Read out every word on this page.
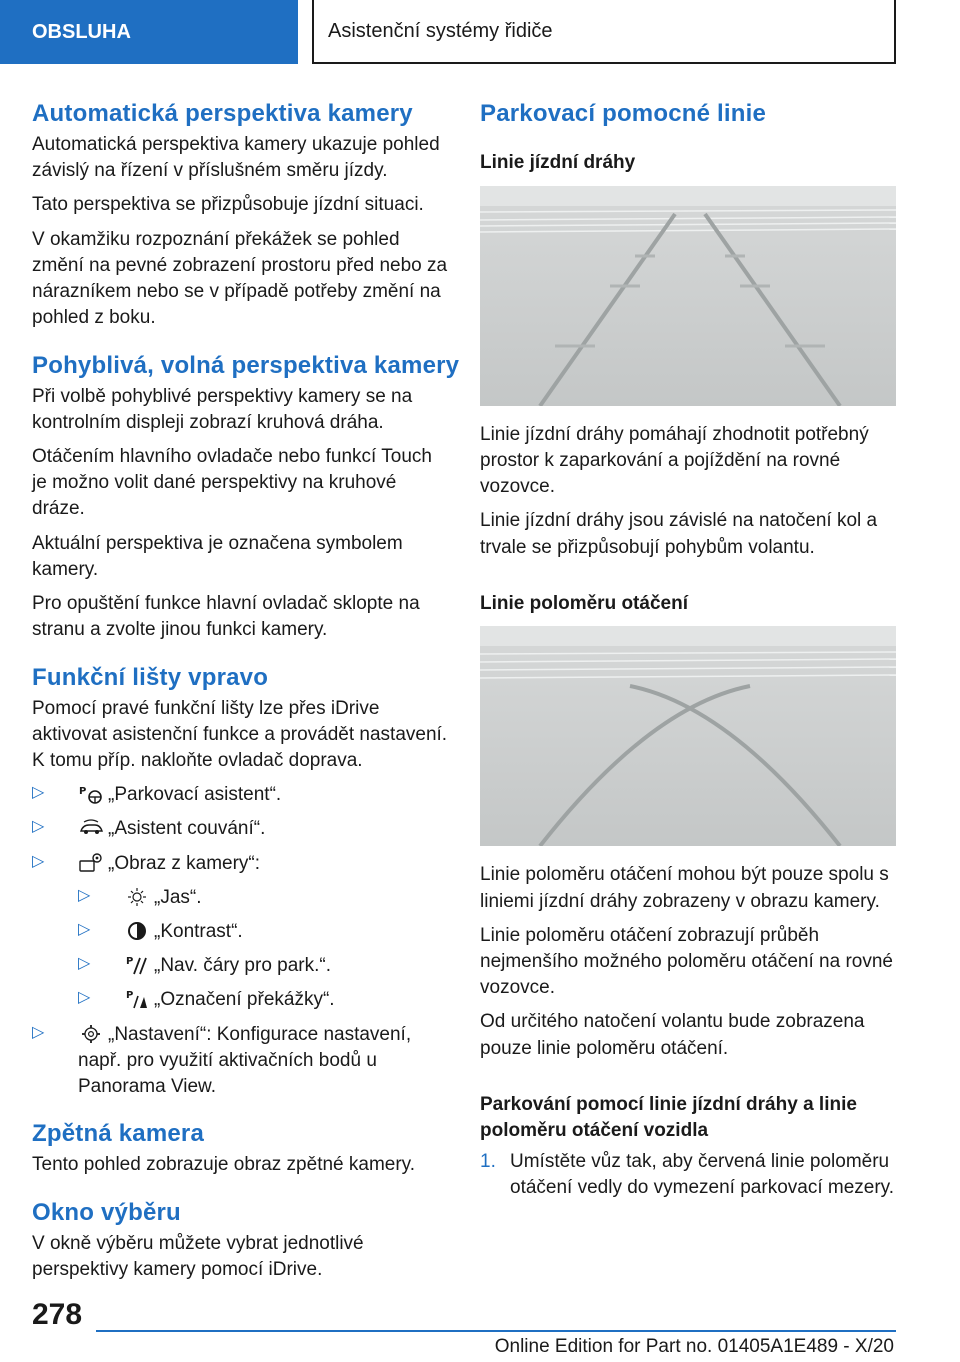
OBSLUHA	Asistenční systémy řidiče
Automatická perspektiva kamery

Automatická perspektiva kamery ukazuje pohled závislý na řízení v příslušném směru jízdy.

Tato perspektiva se přizpůsobuje jízdní situaci.

V okamžiku rozpoznání překážek se pohled změní na pevné zobrazení prostoru před nebo za nárazníkem nebo se v případě potřeby změní na pohled z boku.

Pohyblivá, volná perspektiva kamery

Při volbě pohyblivé perspektivy kamery se na kontrolním displeji zobrazí kruhová dráha.

Otáčením hlavního ovladače nebo funkcí Touch je možno volit dané perspektivy na kruhové dráze.

Aktuální perspektiva je označena symbolem kamery.

Pro opuštění funkce hlavní ovladač sklopte na stranu a zvolte jinou funkci kamery.

Funkční lišty vpravo

Pomocí pravé funkční lišty lze přes iDrive aktivovat asistenční funkce a provádět nastavení. K tomu příp. nakloňte ovladač doprava.

▷ P „Parkovací asistent“.
▷ „Asistent couvání“.
▷ „Obraz z kamery“:
▷ „Jas“.
▷ „Kontrast“.
▷ P „Nav. čáry pro park.“.
▷ P „Označení překážky“.
▷ „Nastavení“: Konfigurace nastavení, např. pro využití aktivačních bodů u Panorama View.
Zpětná kamera

Tento pohled zobrazuje obraz zpětné kamery.

Okno výběru

V okně výběru můžete vybrat jednotlivé perspektivy kamery pomocí iDrive.

Parkovací pomocné linie
Linie jízdní dráhy

Linie jízdní dráhy pomáhají zhodnotit potřebný prostor k zaparkování a pojíždění na rovné vozovce.

Linie jízdní dráhy jsou závislé na natočení kol a trvale se přizpůsobují pohybům volantu.

Linie poloměru otáčení

Linie poloměru otáčení mohou být pouze spolu s liniemi jízdní dráhy zobrazeny v obrazu kamery.

Linie poloměru otáčení zobrazují průběh nejmenšího možného poloměru otáčení na rovné vozovce.

Od určitého natočení volantu bude zobrazena pouze linie poloměru otáčení.

Parkování pomocí linie jízdní dráhy a linie poloměru otáčení vozidla
1. Umístěte vůz tak, aby červená linie poloměru otáčení vedly do vymezení parkovací mezery.
278
Online Edition for Part no. 01405A1E489 - X/20
